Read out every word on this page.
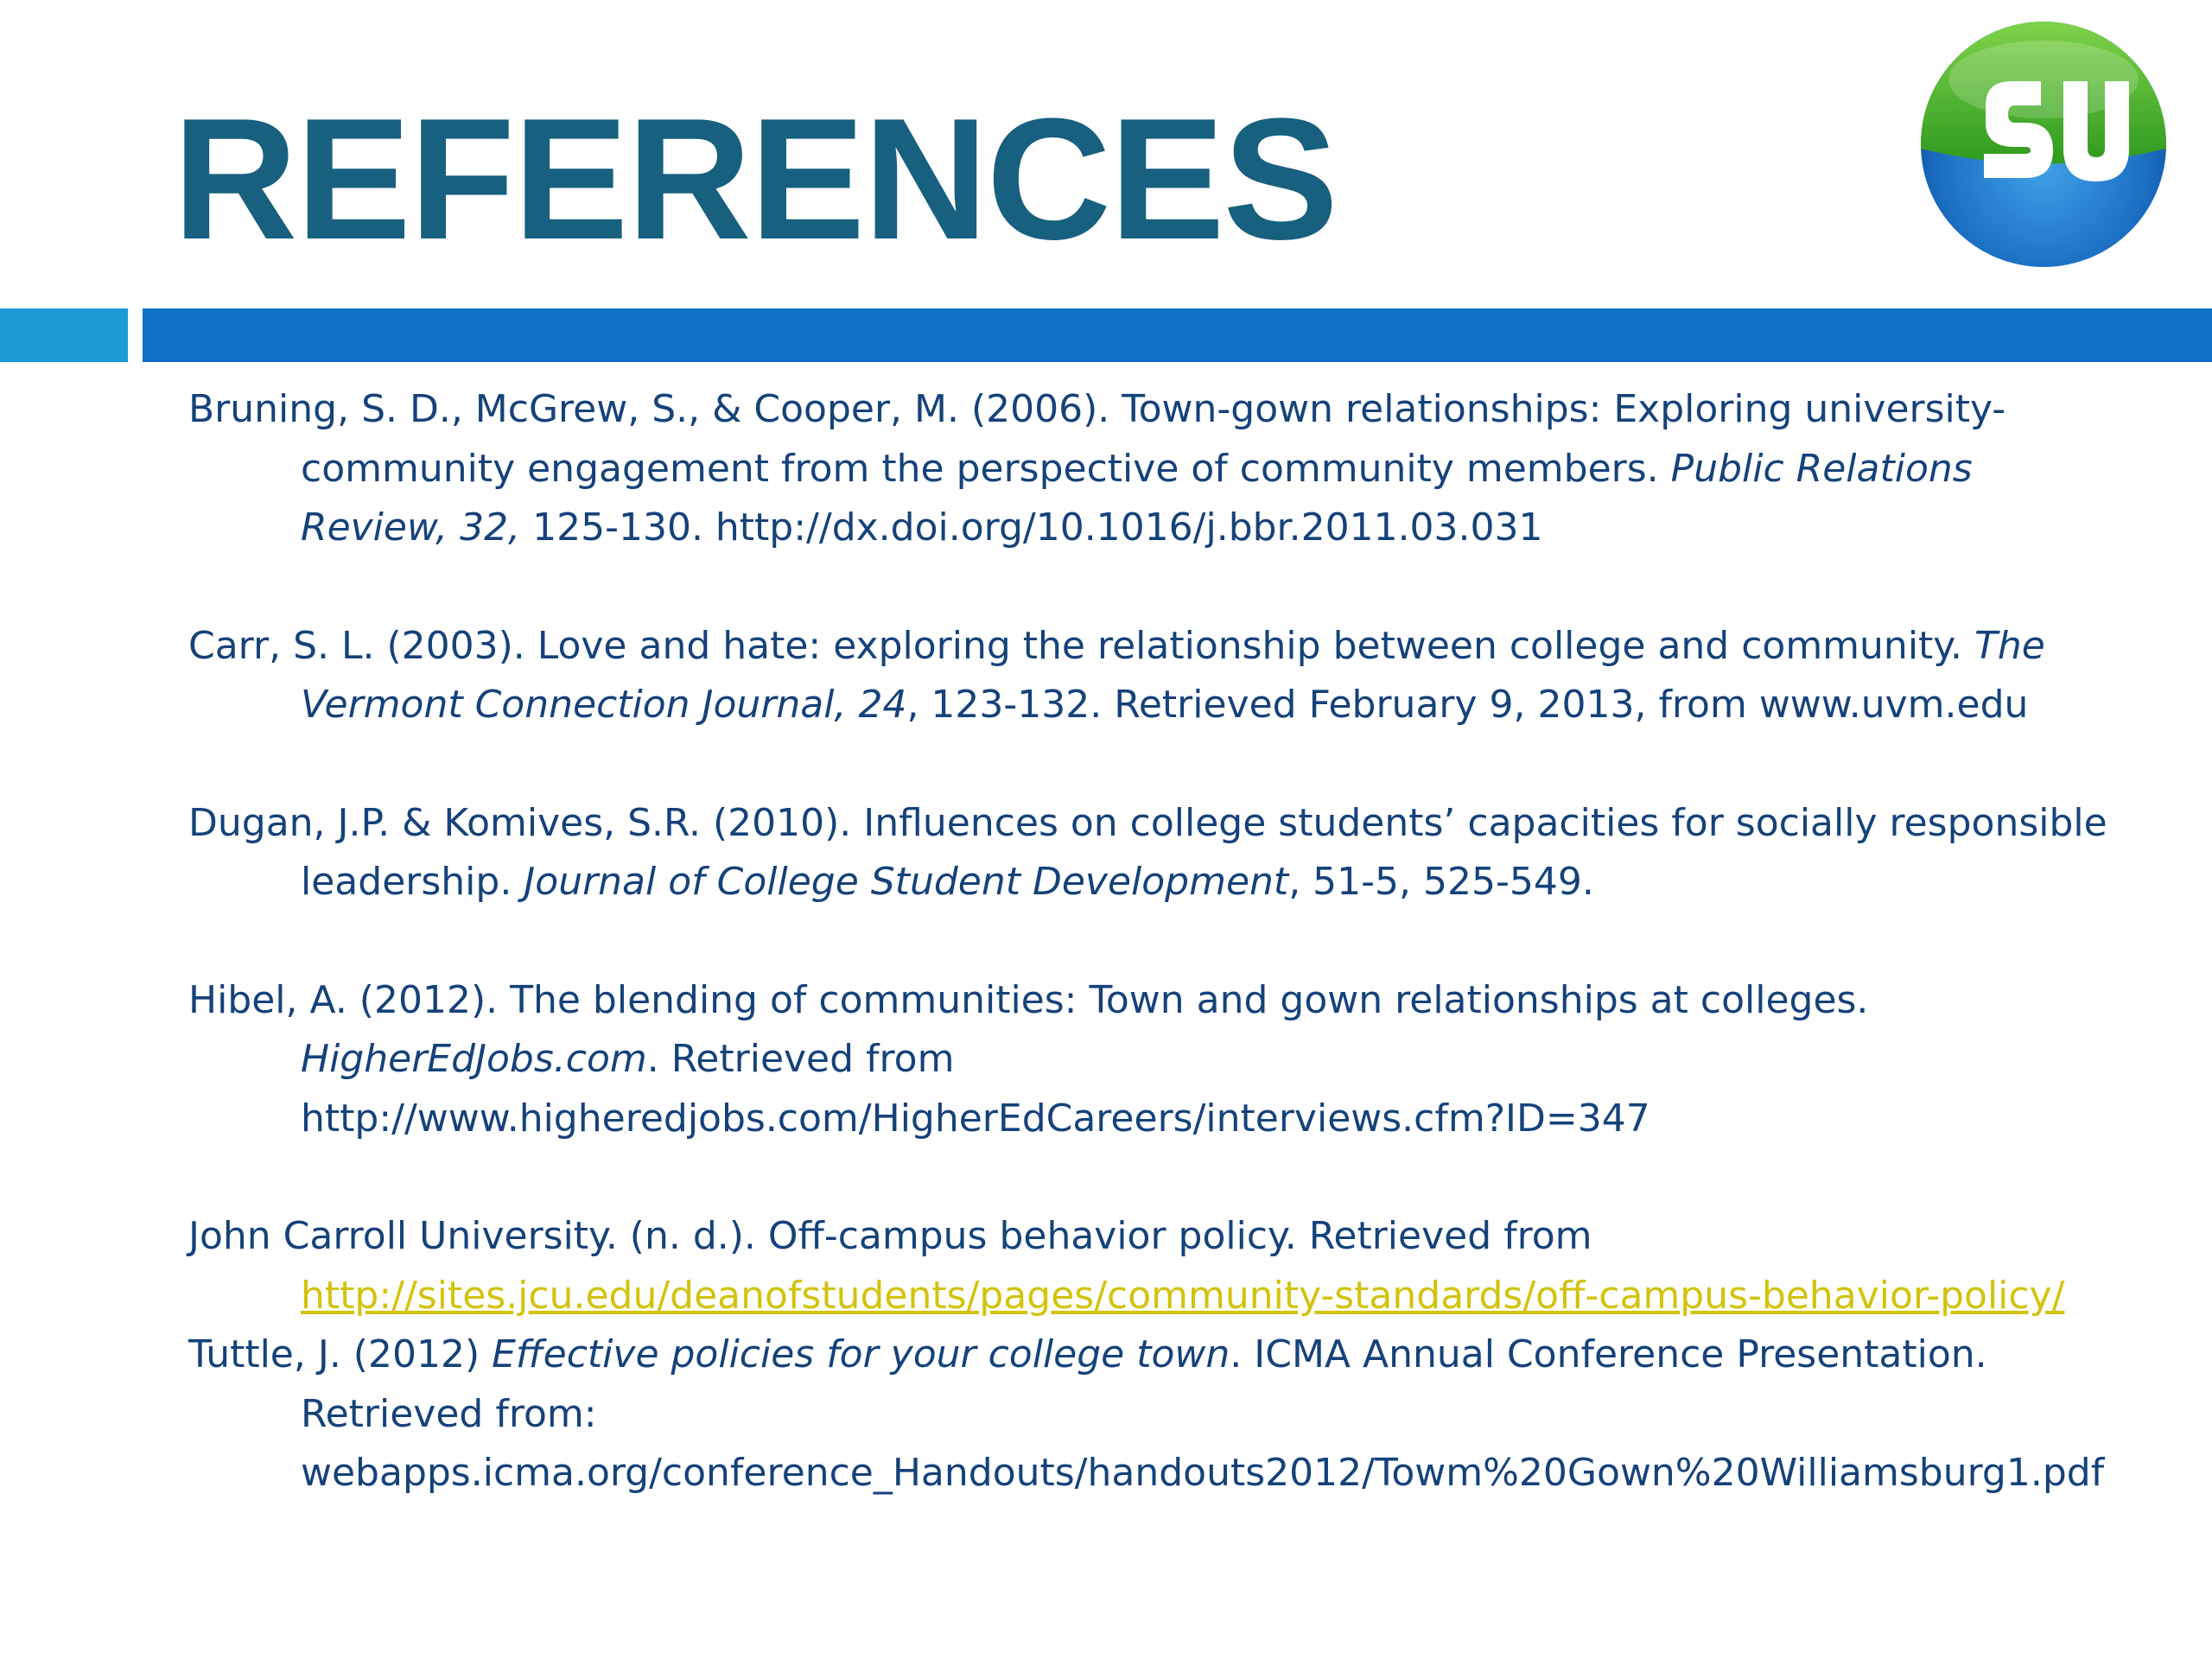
REFERENCES

Bruning, S. D., McGrew, S., & Cooper, M. (2006). Town-gown relationships: Exploring university-community engagement from the perspective of community members. Public Relations Review, 32, 125-130. http://dx.doi.org/10.1016/j.bbr.2011.03.031

Carr, S. L. (2003). Love and hate: exploring the relationship between college and community. The Vermont Connection Journal, 24, 123-132. Retrieved February 9, 2013, from www.uvm.edu

Dugan, J.P. & Komives, S.R. (2010). Influences on college students’ capacities for socially responsible leadership. Journal of College Student Development, 51-5, 525-549.

Hibel, A. (2012). The blending of communities: Town and gown relationships at colleges. HigherEdJobs.com. Retrieved from http://www.higheredjobs.com/HigherEdCareers/interviews.cfm?ID=347

John Carroll University. (n. d.). Off-campus behavior policy. Retrieved from http://sites.jcu.edu/deanofstudents/pages/community-standards/off-campus-behavior-policy/

Tuttle, J. (2012) Effective policies for your college town. ICMA Annual Conference Presentation. Retrieved from: webapps.icma.org/conference_Handouts/handouts2012/Towm%20Gown%20Williamsburg1.pdf
